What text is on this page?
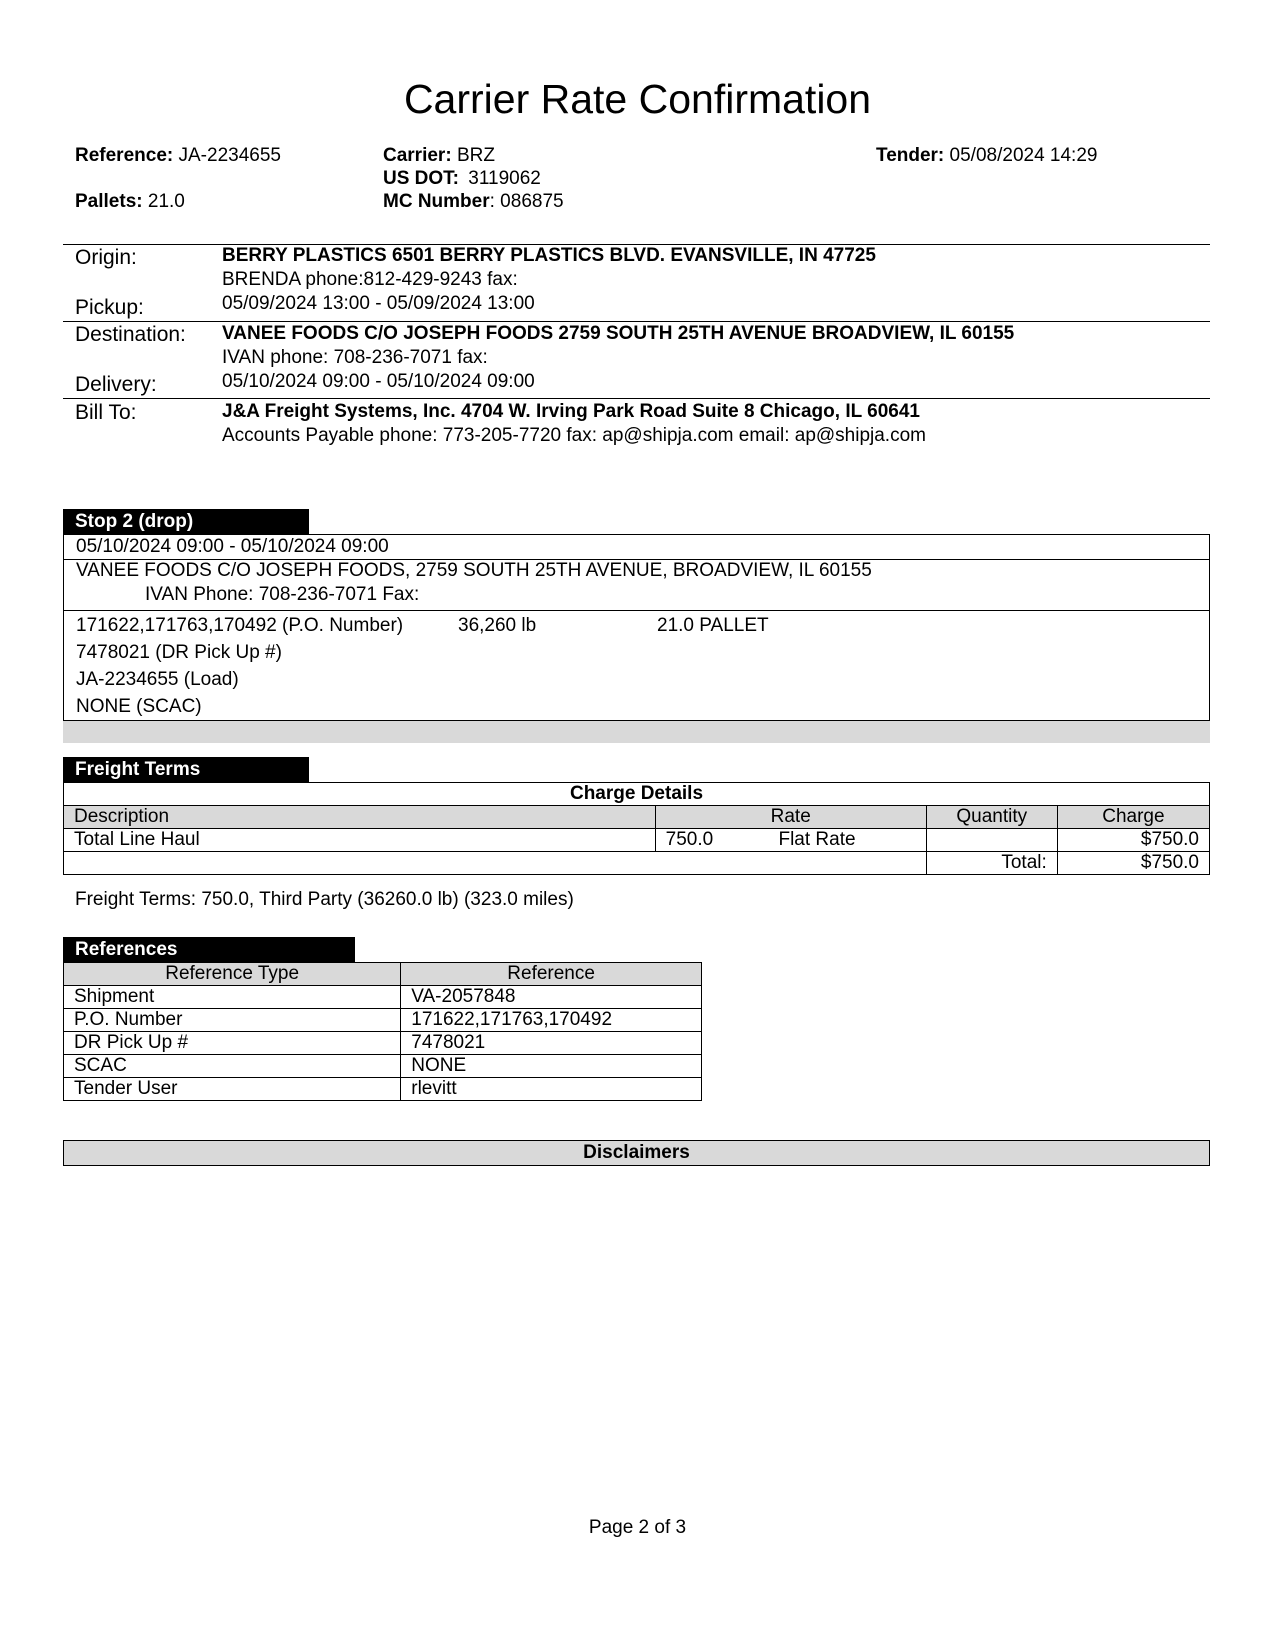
Carrier Rate Confirmation
Reference: JA-2234655
Pallets: 21.0
Carrier: BRZ
US DOT: 3119062
MC Number: 086875
Tender: 05/08/2024 14:29
Origin:	BERRY PLASTICS 6501 BERRY PLASTICS BLVD. EVANSVILLE, IN 47725
BRENDA phone:812-429-9243 fax:
Pickup:	05/09/2024 13:00 - 05/09/2024 13:00
Destination: VANEE FOODS C/O JOSEPH FOODS 2759 SOUTH 25TH AVENUE BROADVIEW, IL 60155
IVAN phone: 708-236-7071 fax:
Delivery:	05/10/2024 09:00 - 05/10/2024 09:00
Bill To:	J&A Freight Systems, Inc. 4704 W. Irving Park Road Suite 8 Chicago, IL 60641
Accounts Payable phone: 773-205-7720 fax: ap@shipja.com email: ap@shipja.com
Stop 2 (drop)
05/10/2024 09:00 - 05/10/2024 09:00
VANEE FOODS C/O JOSEPH FOODS, 2759 SOUTH 25TH AVENUE, BROADVIEW, IL 60155
IVAN Phone: 708-236-7071 Fax:
171622,171763,170492 (P.O. Number)	36,260 lb	21.0 PALLET
7478021 (DR Pick Up #)
JA-2234655 (Load)
NONE (SCAC)
Freight Terms
Charge Details			
Description	Rate	Quantity	Charge
Total Line Haul	750.0 Flat Rate		$750.0
		Total:	$750.0
Freight Terms: 750.0, Third Party (36260.0 lb) (323.0 miles)
References
Reference Type	Reference
Shipment	VA-2057848
P.O. Number	171622,171763,170492
DR Pick Up #	7478021
SCAC	NONE
Tender User	rlevitt
Disclaimers
Page 2 of 3
